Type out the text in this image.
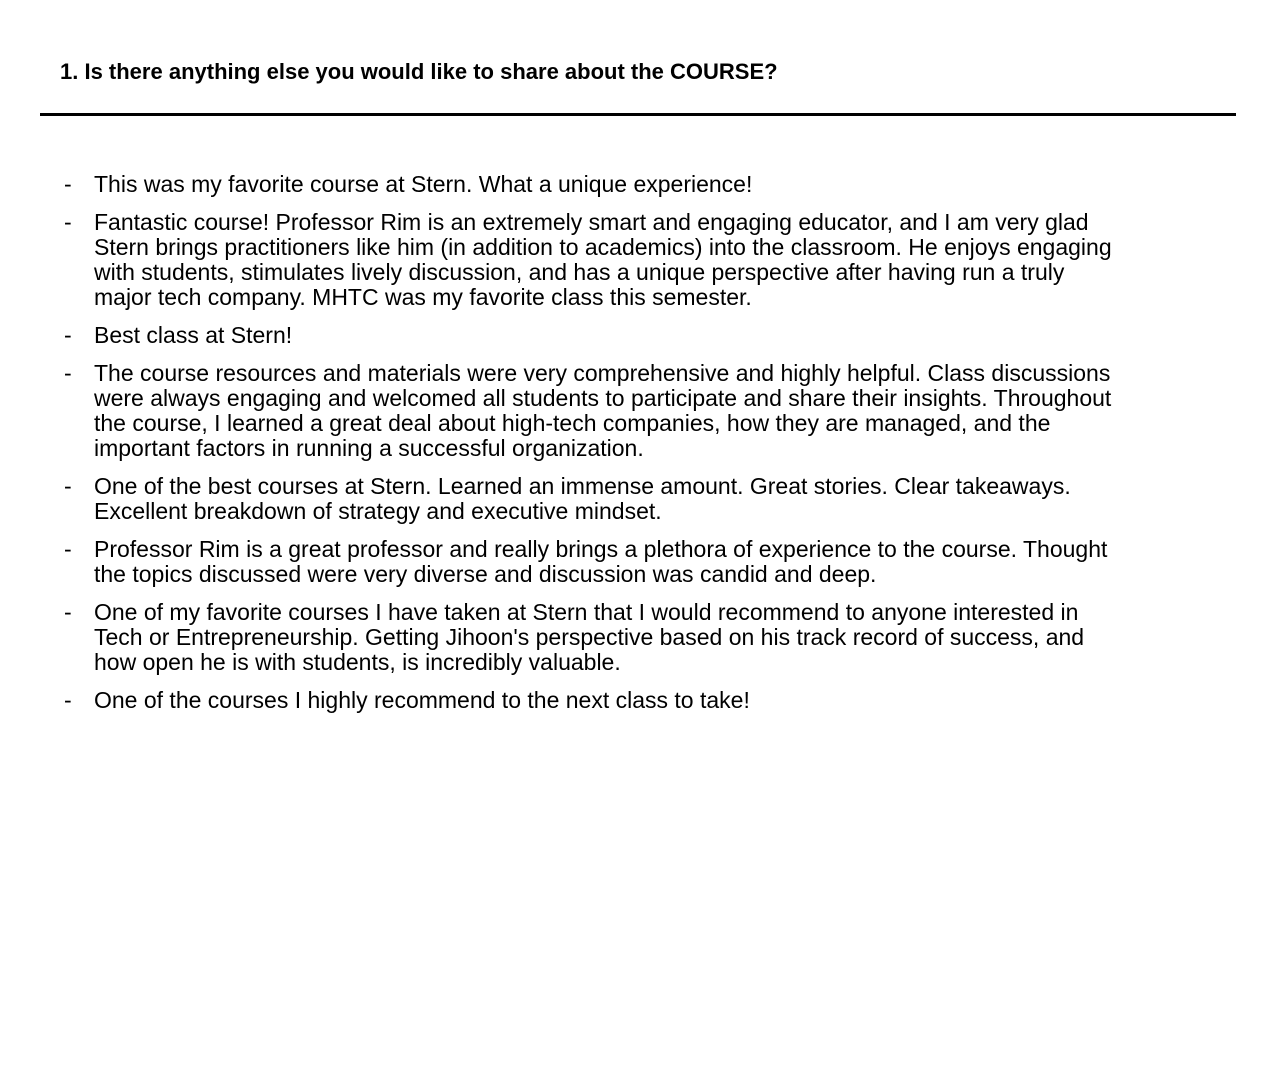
1. Is there anything else you would like to share about the COURSE?
- This was my favorite course at Stern. What a unique experience!
- Fantastic course! Professor Rim is an extremely smart and engaging educator, and I am very glad
Stern brings practitioners like him (in addition to academics) into the classroom. He enjoys engaging
with students, stimulates lively discussion, and has a unique perspective after having run a truly
major tech company. MHTC was my favorite class this semester.
- Best class at Stern!
- The course resources and materials were very comprehensive and highly helpful. Class discussions
were always engaging and welcomed all students to participate and share their insights. Throughout
the course, I learned a great deal about high-tech companies, how they are managed, and the
important factors in running a successful organization.
- One of the best courses at Stern. Learned an immense amount. Great stories. Clear takeaways.
Excellent breakdown of strategy and executive mindset.
- Professor Rim is a great professor and really brings a plethora of experience to the course. Thought
the topics discussed were very diverse and discussion was candid and deep.
- One of my favorite courses I have taken at Stern that I would recommend to anyone interested in
Tech or Entrepreneurship. Getting Jihoon's perspective based on his track record of success, and
how open he is with students, is incredibly valuable.
- One of the courses I highly recommend to the next class to take!
